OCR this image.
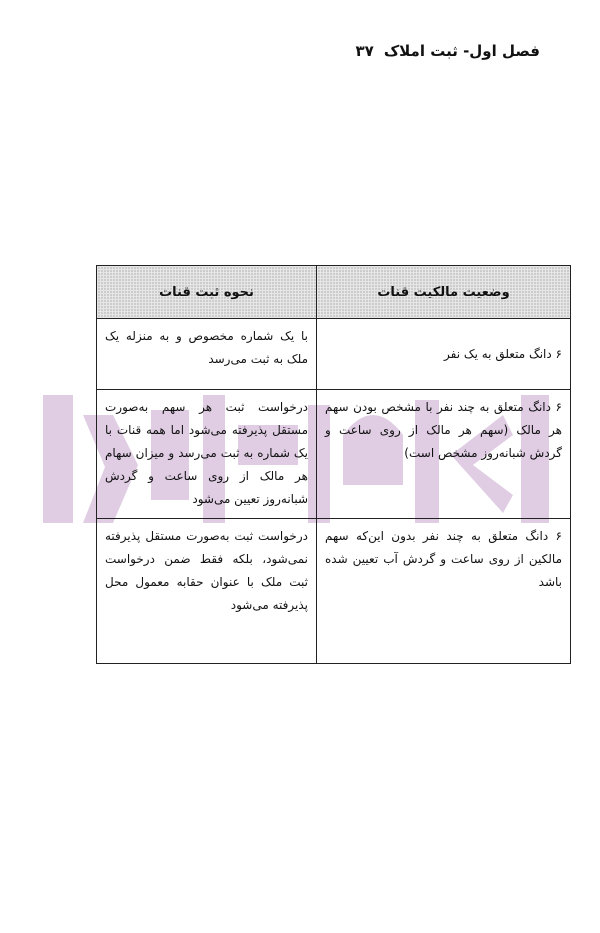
فصل اول- ثبت املاک
۳۷
وضعیت مالکیت قنات	نحوه ثبت قنات
۶ دانگ متعلق به یک نفر	با یک شماره مخصوص و به منزله یک ملک به ثبت می‌رسد
۶ دانگ متعلق به چند نفر با مشخص بودن سهم هر مالک (سهم هر مالک از روی ساعت و گردش شبانه‌روز مشخص است)	درخواست ثبت هر سهم به‌صورت مستقل پذیرفته می‌شود اما همه قنات با یک شماره به ثبت می‌رسد و میزان سهام هر مالک از روی ساعت و گردش شبانه‌روز تعیین می‌شود
۶ دانگ متعلق به چند نفر بدون این‌که سهم مالکین از روی ساعت و گردش آب تعیین شده باشد	درخواست ثبت به‌صورت مستقل پذیرفته نمی‌شود، بلکه فقط ضمن درخواست ثبت ملک با عنوان حقابه معمول محل پذیرفته می‌شود
